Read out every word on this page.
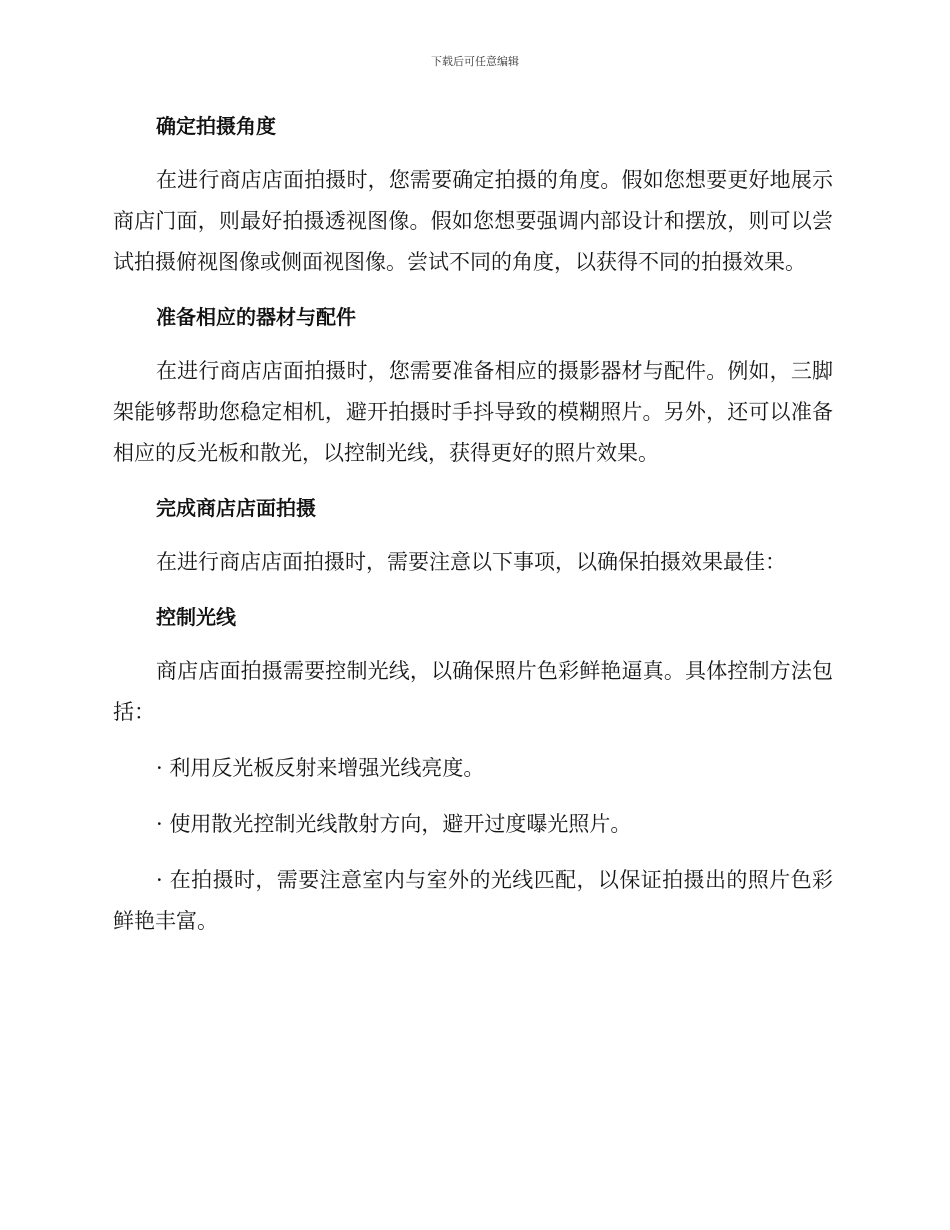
下载后可任意编辑
确定拍摄角度

在进行商店店面拍摄时，您需要确定拍摄的角度。假如您想要更好地展示商店门面，则最好拍摄透视图像。假如您想要强调内部设计和摆放，则可以尝试拍摄俯视图像或侧面视图像。尝试不同的角度，以获得不同的拍摄效果。

准备相应的器材与配件

在进行商店店面拍摄时，您需要准备相应的摄影器材与配件。例如，三脚架能够帮助您稳定相机，避开拍摄时手抖导致的模糊照片。另外，还可以准备相应的反光板和散光，以控制光线，获得更好的照片效果。

完成商店店面拍摄

在进行商店店面拍摄时，需要注意以下事项，以确保拍摄效果最佳：

控制光线

商店店面拍摄需要控制光线，以确保照片色彩鲜艳逼真。具体控制方法包括：

· 利用反光板反射来增强光线亮度。

· 使用散光控制光线散射方向，避开过度曝光照片。

· 在拍摄时，需要注意室内与室外的光线匹配，以保证拍摄出的照片色彩鲜艳丰富。
